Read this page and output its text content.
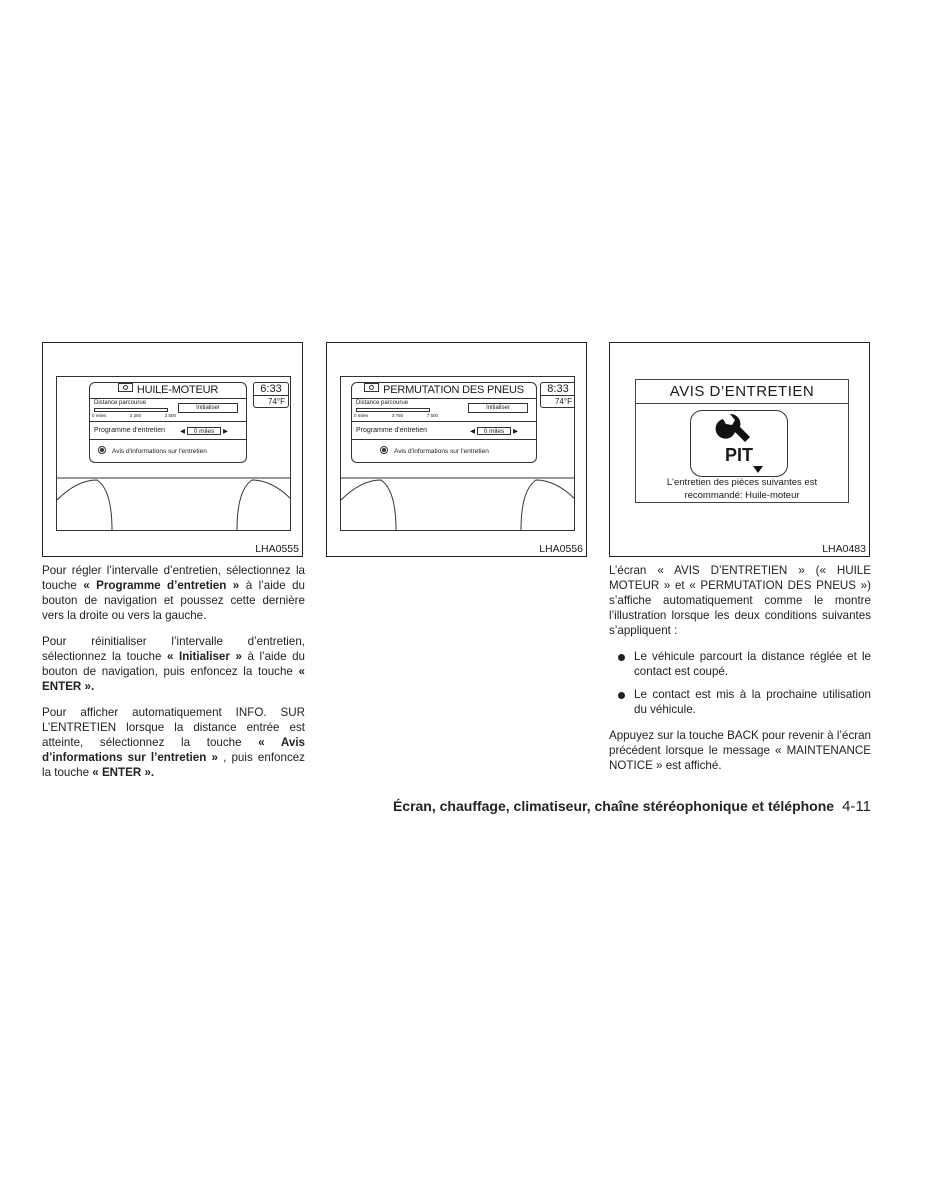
HUILE-MOTEUR
Distance parcourue
0 miles	2 250	2 500
Initialiser
Programme d'entretien ◀	0 miles	▶
Avis d'informations sur l'entretien
6:33
74°F
LHA0555
PERMUTATION DES PNEUS
Distance parcourue
0 miles	3 750	7 500
Initialiser
Programme d'entretien	◀	0 miles	▶
Avis d'informations sur l'entretien
8:33
74°F
LHA0556
AVIS D’ENTRETIEN
PIT
L'entretien des pièces suivantes est
recommandé: Huile-moteur
LHA0483

Pour régler l’intervalle d’entretien, sélectionnez la touche « Programme d’entretien » à l’aide du bouton de navigation et poussez cette dernière vers la droite ou vers la gauche.

Pour réinitialiser l’intervalle d’entretien, sélectionnez la touche « Initialiser » à l’aide du bouton de navigation, puis enfoncez la touche « ENTER ».

Pour afficher automatiquement INFO. SUR L’ENTRETIEN lorsque la distance entrée est atteinte, sélectionnez la touche « Avis d’informations sur l’entretien » , puis enfoncez la touche « ENTER ».

L’écran « AVIS D’ENTRETIEN » (« HUILE MOTEUR » et « PERMUTATION DES PNEUS ») s’affiche automatiquement comme le montre l’illustration lorsque les deux conditions suivantes s’appliquent :

Le véhicule parcourt la distance réglée et le contact est coupé.
Le contact est mis à la prochaine utilisation du véhicule.

Appuyez sur la touche BACK pour revenir à l’écran précédent lorsque le message « MAINTENANCE NOTICE » est affiché.

Écran, chauffage, climatiseur, chaîne stéréophonique et téléphone 4-11
